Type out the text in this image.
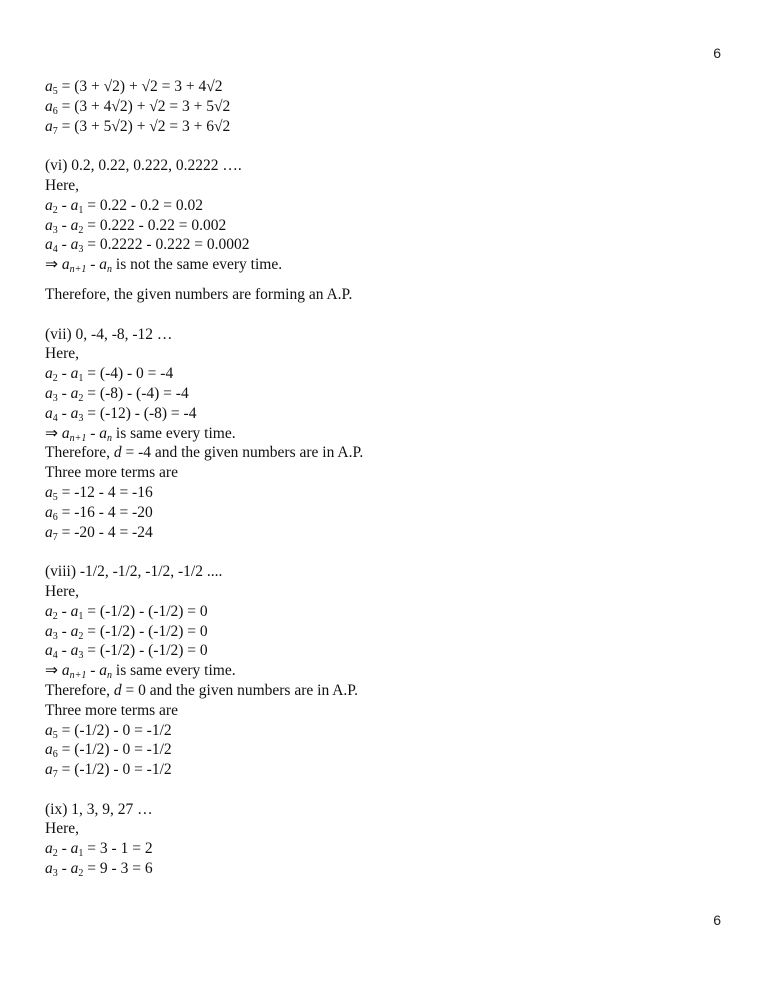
6
$a_5 = (3 + √2) + √2 = 3 + 4√2$
$a_6 = (3 + 4√2) + √2 = 3 + 5√2$
$a_7 = (3 + 5√2) + √2 = 3 + 6√2$
(vi) 0.2, 0.22, 0.222, 0.2222 ….
Here,
$a_2 - a_1 = 0.22 - 0.2 = 0.02$
$a_3 - a_2 = 0.222 - 0.22 = 0.002$
$a_4 - a_3 = 0.2222 - 0.222 = 0.0002$
⇒ $a_{n+1} - a_n$ is not the same every time.
Therefore, the given numbers are forming an A.P.
(vii) 0, -4, -8, -12 …
Here,
$a_2 - a_1 = (-4) - 0 = -4$
$a_3 - a_2 = (-8) - (-4) = -4$
$a_4 - a_3 = (-12) - (-8) = -4$
⇒ $a_{n+1} - a_n$ is same every time.
Therefore, d = -4 and the given numbers are in A.P.
Three more terms are
$a_5 = -12 - 4 = -16$
$a_6 = -16 - 4 = -20$
$a_7 = -20 - 4 = -24$
(viii) -1/2, -1/2, -1/2, -1/2 ....
Here,
$a_2 - a_1 = (-1/2) - (-1/2) = 0$
$a_3 - a_2 = (-1/2) - (-1/2) = 0$
$a_4 - a_3 = (-1/2) - (-1/2) = 0$
⇒ $a_{n+1} - a_n$ is same every time.
Therefore, d = 0 and the given numbers are in A.P.
Three more terms are
$a_5 = (-1/2) - 0 = -1/2$
$a_6 = (-1/2) - 0 = -1/2$
$a_7 = (-1/2) - 0 = -1/2$
(ix) 1, 3, 9, 27 …
Here,
$a_2 - a_1 = 3 - 1 = 2$
$a_3 - a_2 = 9 - 3 = 6$
6
